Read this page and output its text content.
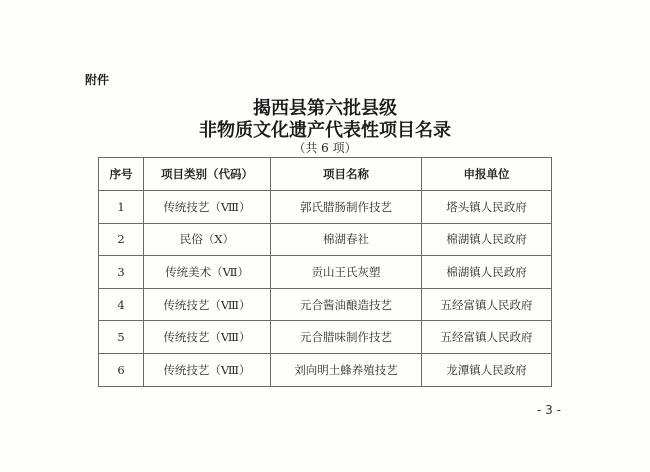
附件
揭西县第六批县级
非物质文化遗产代表性项目名录
（共 6 项）
序号	项目类别（代码）	项目名称	申报单位
1	传统技艺（Ⅷ）	郭氏腊肠制作技艺	塔头镇人民政府
2	民俗（Ⅹ）	棉湖春社	棉湖镇人民政府
3	传统美术（Ⅶ）	贡山王氏灰塑	棉湖镇人民政府
4	传统技艺（Ⅷ）	元合酱油酿造技艺	五经富镇人民政府
5	传统技艺（Ⅷ）	元合腊味制作技艺	五经富镇人民政府
6	传统技艺（Ⅷ）	刘向明土蜂养殖技艺	龙潭镇人民政府
- 3 -
